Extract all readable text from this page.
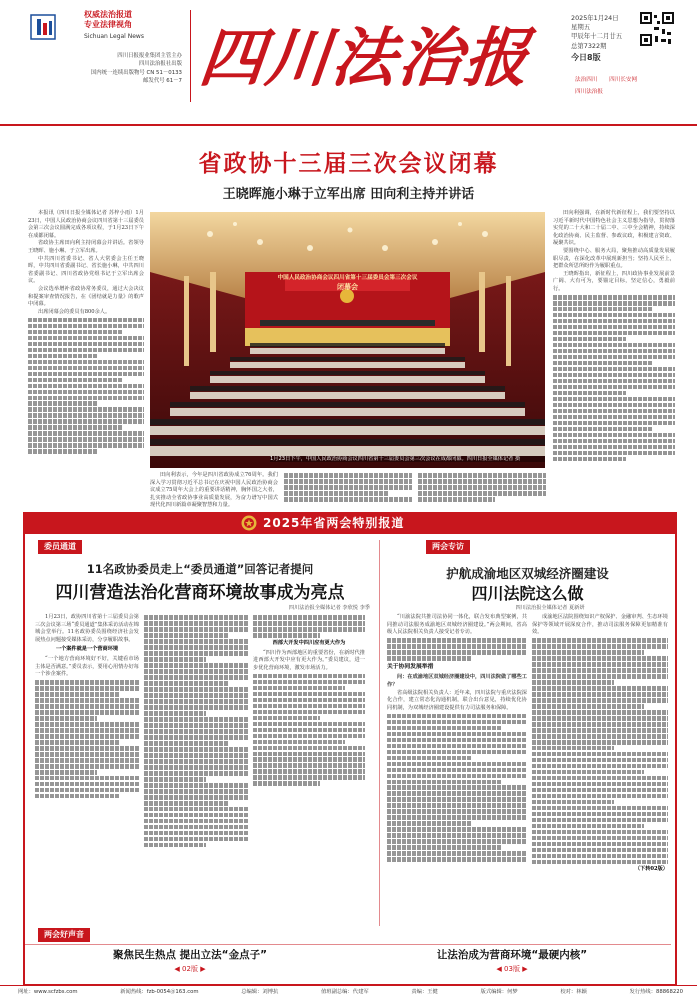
权威法治报道
专业法律视角
Sichuan Legal News
四川日报报业集团主管主办
四川法治报社出版
国内统一连续出版物号 CN 51－0133
邮发代号 61－7 四川法治报
2025年1月24日
星期五
甲辰年十二月廿五
总第7322期
今日8版
法治四川 四川长安网
四川法治报
省政协十三届三次会议闭幕
王晓晖施小琳于立军出席 田向利主持并讲话
本报讯（四川日报全媒体记者 苏梓小雨）1月23日，中国人民政治协商会议四川省第十三届委员会第三次会议圆满完成各项议程，于1月23日下午在成都闭幕。
省政协主席田向利主持闭幕会并讲话。省领导王晓晖、施小琳、于立军出席。
中共四川省委书记、省人大常委会主任王晓晖，中共四川省委副书记、省长施小琳，中共四川省委副书记、四川省政协党组书记于立军出席会议。
会议选举增补省政协常务委员，通过大会决议和提案审查情况报告，在《团结就是力量》的歌声中闭幕。
出席闭幕会的委员有800余人。
中国人民政治协商会议四川省第十三届委员会第三次会议
闭幕会
1月23日下午，中国人民政治协商会议四川省第十三届委员会第三次会议在成都闭幕。四川日报全媒体记者 摄
田向利表示，今年是四川省政协成立76周年。我们深入学习贯彻习近平总书记在庆祝中国人民政治协商会议成立75周年大会上的重要讲话精神，胸怀国之大者，扎实推动全省政协事业高质量发展，为奋力谱写中国式现代化四川新篇章凝聚智慧和力量。
田向利强调，在新时代新征程上，我们要坚持以习近平新时代中国特色社会主义思想为指导，贯彻落实党的二十大和二十届二中、三中全会精神，持续深化政治协商、民主监督、参政议政，积极建言资政、凝聚共识。
要围绕中心、服务大局，聚焦推动高质量发展履职尽责，在深化改革中展现新担当；坚持人民至上，把群众所思所盼作为履职重点。
王晓晖指出，新征程上，四川政协事业发展前景广阔、大有可为，要锚定目标，坚定信心，勇毅前行。
2025年省两会特别报道
委员通道
11名政协委员走上“委员通道”回答记者提问
四川营造法治化营商环境故事成为亮点
四川法治报全媒体记者 李欣悦 李季
1月23日，政协四川省第十三届委员会第三次会议第三场“委员通道”集体采访活动在锦城会堂举行。11名政协委员围绕经济社会发展热点问题接受媒体采访，分享履职故事。
一个案件就是一个营商环境
“一个地方营商环境好不好，关键看市场主体是否满意。”委员表示，要用心用情办好每一个涉企案件。
西部大开发中四川应有更大作为
“四川作为西部地区的重要省份，在新时代推进西部大开发中应有更大作为。”委员建议，进一步优化营商环境，激发市场活力。
两会专访
护航成渝地区双城经济圈建设
四川法院这么做
四川法治报全媒体记者 夏新妍
“川渝法院共推司法协同一体化，联合发布典型案例，共同推动司法服务成渝地区双城经济圈建设。”两会期间，省高级人民法院相关负责人接受记者专访。
关于协同发展举措
问：在成渝地区双城经济圈建设中，四川法院做了哪些工作？
省高级法院相关负责人：近年来，四川法院与重庆法院深化合作，建立常态化沟通机制，联合出台意见，持续优化协同机制，为双城经济圈建设提供有力司法服务和保障。
成渝地区法院围绕知识产权保护、金融审判、生态环境保护等领域开展深度合作，推动司法服务保障更加精准有效。
（下转02版）
两会好声音
聚焦民生热点 提出立法“金点子”
◀ 02版 ▶
让法治成为营商环境“最硬内核”
◀ 03版 ▶
网址：www.scfzbs.com	新闻热线：fzb-0054＠163.com	总编辑：刘博抗	值班副总编：代建军	责编：王健	版式编辑：何梦	校对：林颖	发行热线：88868220
